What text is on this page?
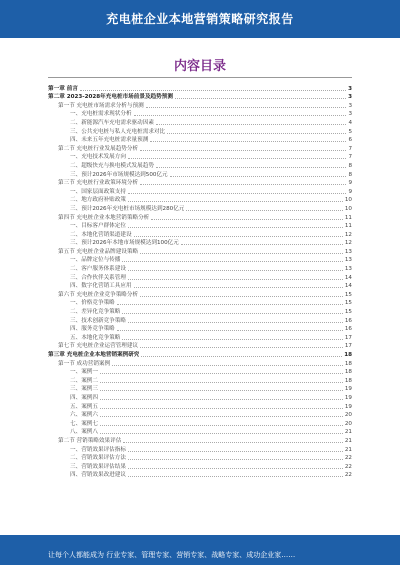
充电桩企业本地营销策略研究报告
内容目录
第一章 前言	3
第二章 2023-2028年充电桩市场前景及趋势预测	3
第一节 充电桩市场需求分析与预测	3
一、充电桩需求现状分析	3
二、新能源汽车充电需求驱动因素	4
三、公共充电桩与私人充电桩需求对比	5
四、未来五年充电桩需求量预测	6
第二节 充电桩行业发展趋势分析	7
一、充电技术发展方向	7
二、超级快充与换电模式发展趋势	8
三、预计2026年市场规模达到500亿元	8
第三节 充电桩行业政策环境分析	9
一、国家层面政策支持	9
二、地方政府补贴政策	10
三、预计2026年充电桩市场规模达到280亿元	10
第四节 充电桩企业本地营销策略分析	11
一、目标客户群体定位	11
二、本地化营销渠道建设	12
三、预计2026年本地市场规模达到100亿元	12
第五节 充电桩企业品牌建设策略	13
一、品牌定位与传播	13
二、客户服务体系建设	13
三、合作伙伴关系管理	14
四、数字化营销工具应用	14
第六节 充电桩企业竞争策略分析	15
一、价格竞争策略	15
二、差异化竞争策略	15
三、技术创新竞争策略	16
四、服务竞争策略	16
五、本地化竞争策略	17
第七节 充电桩企业运营管理建议	17
第三章 充电桩企业本地营销案例研究	18
第一节 成功营销案例	18
一、案例一	18
二、案例二	18
三、案例三	19
四、案例四	19
五、案例五	19
六、案例六	20
七、案例七	20
八、案例八	21
第二节 营销策略效果评估	21
一、营销效果评估指标	21
二、营销效果评估方法	22
三、营销效果评估结果	22
四、营销效果改进建议	22
让每个人都能成为 行业专家、管理专家、营销专家、战略专家、成功企业家……
